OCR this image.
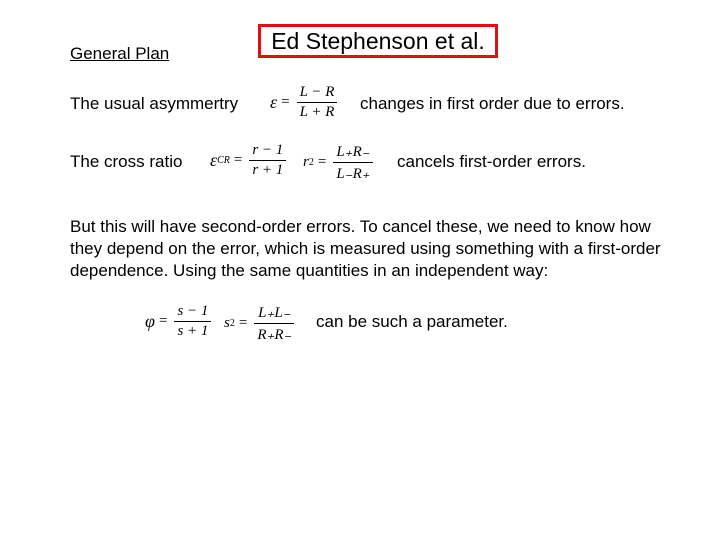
Ed Stephenson et al.
General Plan
The usual asymmertry $\varepsilon = \frac{L - R}{L + R}$ changes in first order due to errors.
The cross ratio ε CR = $\frac{r - 1}{r + 1}$ r $2 = \frac{L_+R_-}{L_-R_+}$ cancels first-order errors.
But this will have second-order errors. To cancel these, we need to know how they depend on the error, which is measured using something with a first-order dependence. Using the same quantities in an independent way:
$\varphi = \frac{s - 1}{s + 1}$ s $2 = \frac{L_+L_-}{R_+R_-}$ can be such a parameter.
